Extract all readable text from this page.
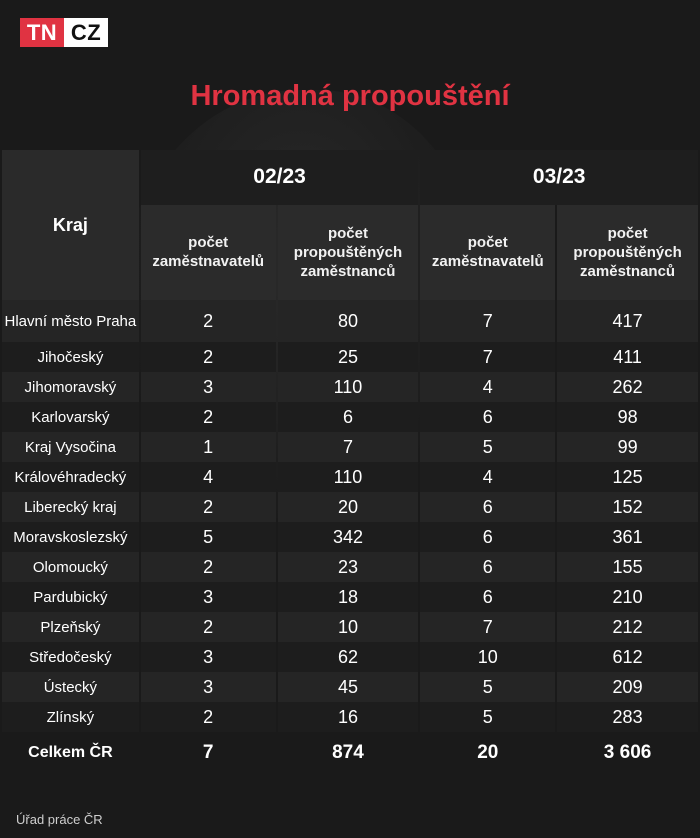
TN CZ
Hromadná propouštění
Kraj	02/23		03/23	
	počet zaměstnavatelů	počet propouštěných zaměstnanců	počet zaměstnavatelů	počet propouštěných zaměstnanců
Hlavní město Praha	2	80	7	417
Jihočeský	2	25	7	411
Jihomoravský	3	110	4	262
Karlovarský	2	6	6	98
Kraj Vysočina	1	7	5	99
Královéhradecký	4	110	4	125
Liberecký kraj	2	20	6	152
Moravskoslezský	5	342	6	361
Olomoucký	2	23	6	155
Pardubický	3	18	6	210
Plzeňský	2	10	7	212
Středočeský	3	62	10	612
Ústecký	3	45	5	209
Zlínský	2	16	5	283
Celkem ČR	7	874	20	3 606
Úřad práce ČR
